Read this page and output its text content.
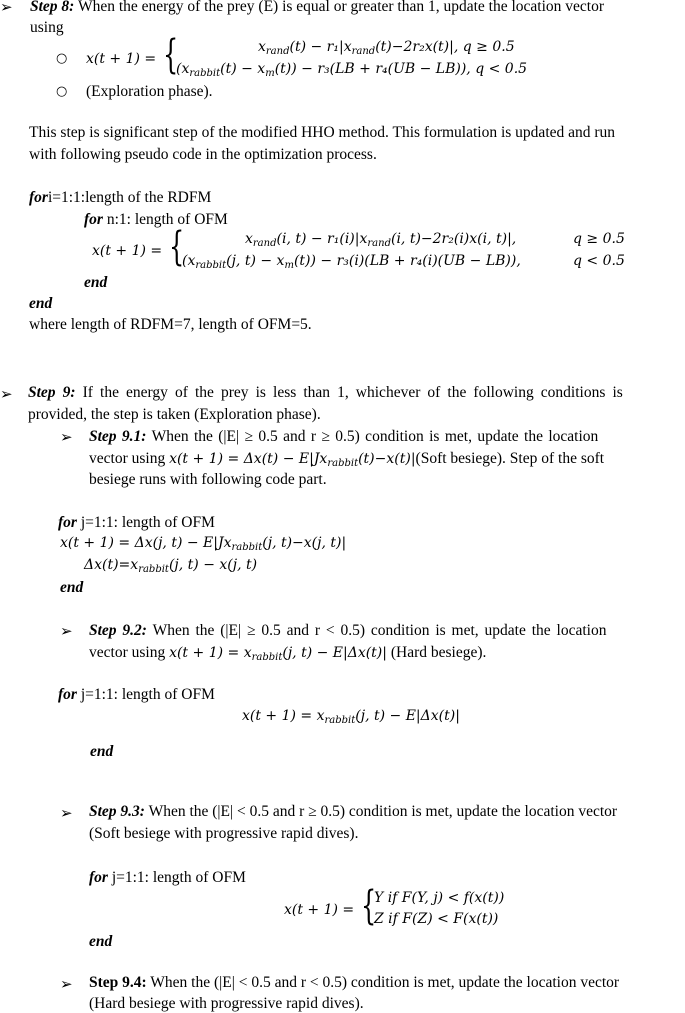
➢ Step 8: When the energy of the prey (E) is equal or greater than 1, update the location vector
using
○ x(t + 1) = {	$x_{rand}(t) - r_1|x_{rand}(t)-2r_2x(t)|$, q ≥ 0.5
$(x_{rabbit}(t) - x_m(t)) - r_3(LB + r_4(UB - LB))$, q < 0.5
○ (Exploration phase).
This step is significant step of the modified HHO method. This formulation is updated and run
with following pseudo code in the optimization process.
fori=1:1:length of the RDFM
for n:1: length of OFM
x(t + 1) = {	$x_{rand}(i$, $t) - r_1(i)|x_{rand}(i$, t)−2r₂(i)x(i, t)|,	q ≥ 0.5
($x_{rabbit}(j$, $t) - x_m(t)) - r_3(i)(LB + r_4(i)(UB - LB))$,	q < 0.5
end
end
where length of RDFM=7, length of OFM=5.
➢ Step 9: If the energy of the prey is less than 1, whichever of the following conditions is
provided, the step is taken (Exploration phase).
➢ Step 9.1: When the (|E| ≥ 0.5 and r ≥ 0.5) condition is met, update the location
vector using $x(t + 1) = \Delta x(t) - E|Jx_{rabbit}(t)-x(t)|(Soft$ besiege). Step of the soft
besiege runs with following code part.
for j=1:1: length of OFM
x(t + 1) = Δx(j, $t) - E|Jx_{rabbit}(j$, t)−x(j, t)|
$\Delta x(t)=x_{rabbit}(j$, t) − x(j, t)
end
➢ Step 9.2: When the (|E| ≥ 0.5 and r < 0.5) condition is met, update the location
vector using $x(t + 1) = x_{rabbit}(j$, t) − E|Δx(t)| (Hard besiege).
for j=1:1: length of OFM
$x(t + 1) = x_{rabbit}(j$, t) − E|Δx(t)|
end
➢ Step 9.3: When the (|E| < 0.5 and r ≥ 0.5) condition is met, update the location vector
(Soft besiege with progressive rapid dives).
for j=1:1: length of OFM
x(t + 1) = {
Y if F(Y, j) < f(x(t))
Z if F(Z) < F(x(t))
end
➢ Step 9.4: When the (|E| < 0.5 and r < 0.5) condition is met, update the location vector
(Hard besiege with progressive rapid dives).
